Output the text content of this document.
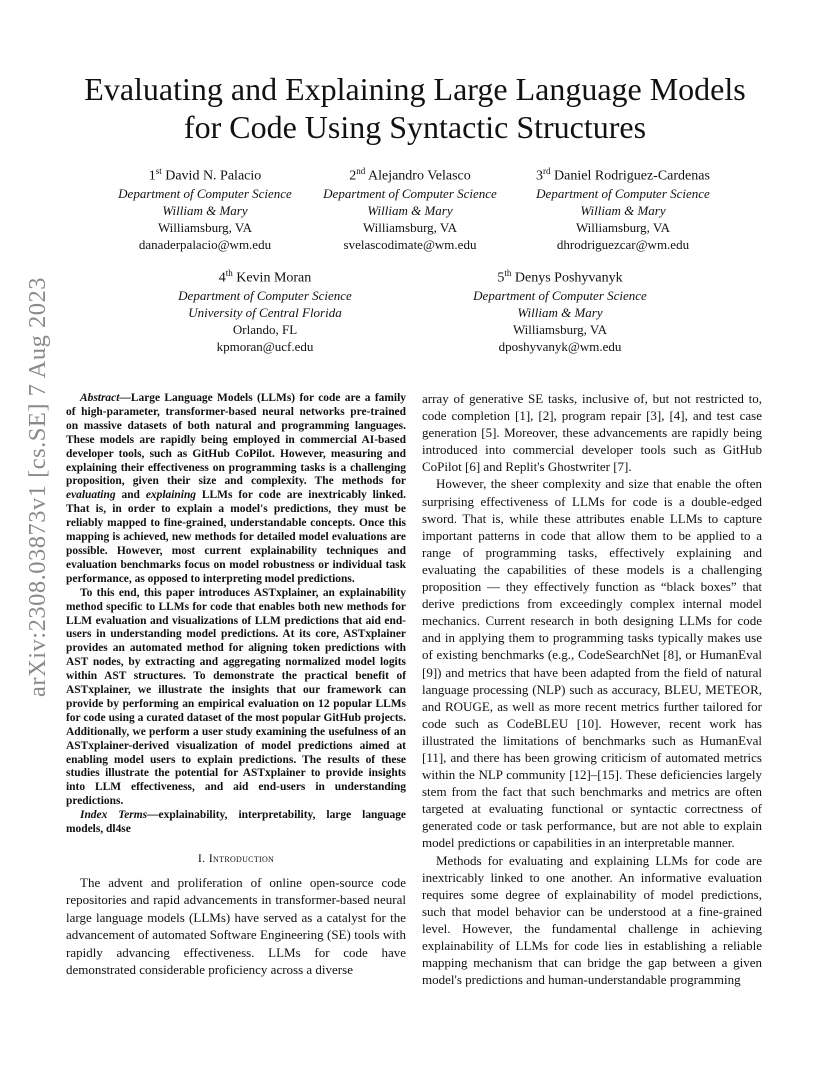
arXiv:2308.03873v1 [cs.SE] 7 Aug 2023
Evaluating and Explaining Large Language Models
for Code Using Syntactic Structures
1st David N. Palacio
Department of Computer Science
William & Mary
Williamsburg, VA
danaderpalacio@wm.edu
2nd Alejandro Velasco
Department of Computer Science
William & Mary
Williamsburg, VA
svelascodimate@wm.edu
3rd Daniel Rodriguez-Cardenas
Department of Computer Science
William & Mary
Williamsburg, VA
dhrodriguezcar@wm.edu
4th Kevin Moran
Department of Computer Science
University of Central Florida
Orlando, FL
kpmoran@ucf.edu
5th Denys Poshyvanyk
Department of Computer Science
William & Mary
Williamsburg, VA
dposhyvanyk@wm.edu

Abstract—Large Language Models (LLMs) for code are a family of high-parameter, transformer-based neural networks pre-trained on massive datasets of both natural and programming languages. These models are rapidly being employed in commercial AI-based developer tools, such as GitHub CoPilot. However, measuring and explaining their effectiveness on programming tasks is a challenging proposition, given their size and complexity. The methods for evaluating and explaining LLMs for code are inextricably linked. That is, in order to explain a model's predictions, they must be reliably mapped to fine-grained, understandable concepts. Once this mapping is achieved, new methods for detailed model evaluations are possible. However, most current explainability techniques and evaluation benchmarks focus on model robustness or individual task performance, as opposed to interpreting model predictions.

To this end, this paper introduces ASTxplainer, an explainability method specific to LLMs for code that enables both new methods for LLM evaluation and visualizations of LLM predictions that aid end-users in understanding model predictions. At its core, ASTxplainer provides an automated method for aligning token predictions with AST nodes, by extracting and aggregating normalized model logits within AST structures. To demonstrate the practical benefit of ASTxplainer, we illustrate the insights that our framework can provide by performing an empirical evaluation on 12 popular LLMs for code using a curated dataset of the most popular GitHub projects. Additionally, we perform a user study examining the usefulness of an ASTxplainer-derived visualization of model predictions aimed at enabling model users to explain predictions. The results of these studies illustrate the potential for ASTxplainer to provide insights into LLM effectiveness, and aid end-users in understanding predictions.

Index Terms—explainability, interpretability, large language models, dl4se

I. Introduction

The advent and proliferation of online open-source code repositories and rapid advancements in transformer-based neural large language models (LLMs) have served as a catalyst for the advancement of automated Software Engineering (SE) tools with rapidly advancing effectiveness. LLMs for code have demonstrated considerable proficiency across a diverse

array of generative SE tasks, inclusive of, but not restricted to, code completion [1], [2], program repair [3], [4], and test case generation [5]. Moreover, these advancements are rapidly being introduced into commercial developer tools such as GitHub CoPilot [6] and Replit's Ghostwriter [7].

However, the sheer complexity and size that enable the often surprising effectiveness of LLMs for code is a double-edged sword. That is, while these attributes enable LLMs to capture important patterns in code that allow them to be applied to a range of programming tasks, effectively explaining and evaluating the capabilities of these models is a challenging proposition — they effectively function as “black boxes” that derive predictions from exceedingly complex internal model mechanics. Current research in both designing LLMs for code and in applying them to programming tasks typically makes use of existing benchmarks (e.g., CodeSearchNet [8], or HumanEval [9]) and metrics that have been adapted from the field of natural language processing (NLP) such as accuracy, BLEU, METEOR, and ROUGE, as well as more recent metrics further tailored for code such as CodeBLEU [10]. However, recent work has illustrated the limitations of benchmarks such as HumanEval [11], and there has been growing criticism of automated metrics within the NLP community [12]–[15]. These deficiencies largely stem from the fact that such benchmarks and metrics are often targeted at evaluating functional or syntactic correctness of generated code or task performance, but are not able to explain model predictions or capabilities in an interpretable manner.

Methods for evaluating and explaining LLMs for code are inextricably linked to one another. An informative evaluation requires some degree of explainability of model predictions, such that model behavior can be understood at a fine-grained level. However, the fundamental challenge in achieving explainability of LLMs for code lies in establishing a reliable mapping mechanism that can bridge the gap between a given model's predictions and human-understandable programming
